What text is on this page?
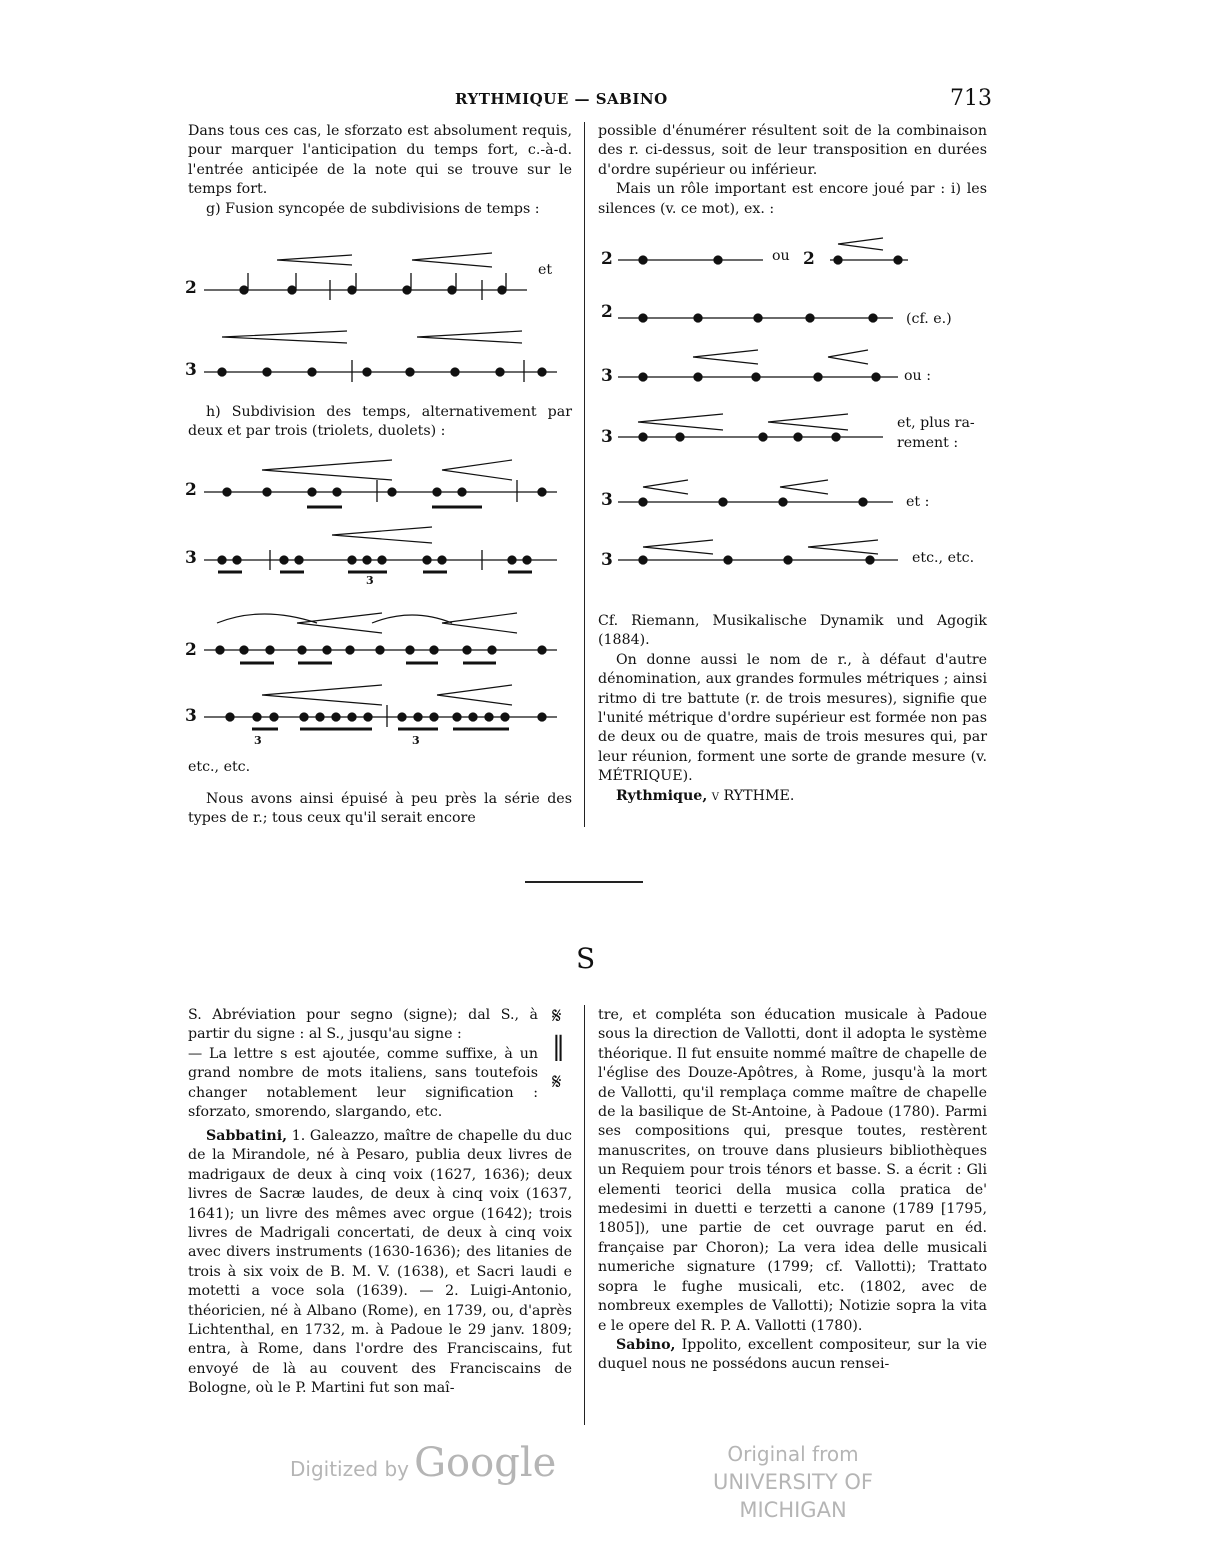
RYTHMIQUE — SABINO	713

Dans tous ces cas, le sforzato est absolument requis, pour marquer l'anticipation du temps fort, c.-à-d. l'entrée anticipée de la note qui se trouve sur le temps fort.

g) Fusion syncopée de subdivisions de temps :

h) Subdivision des temps, alternativement par deux et par trois (triolets, duolets) :

etc., etc.

Nous avons ainsi épuisé à peu près la série des types de r.; tous ceux qu'il serait encore

2
et
3
2
3
3
2
3
3	3

possible d'énumérer résultent soit de la combinaison des r. ci-dessus, soit de leur transposition en durées d'ordre supérieur ou inférieur.

Mais un rôle important est encore joué par : i) les silences (v. ce mot), ex. :

2	ou 2
2	(cf. e.)
3	ou :
3
et, plus ra-
rement :
3	et :
3	etc., etc.

Cf. Riemann, Musikalische Dynamik und Agogik (1884).

On donne aussi le nom de r., à défaut d'autre dénomination, aux grandes formules métriques ; ainsi ritmo di tre battute (r. de trois mesures), signifie que l'unité métrique d'ordre supérieur est formée non pas de deux ou de quatre, mais de trois mesures qui, par leur réunion, forment une sorte de grande mesure (v. MÉTRIQUE).

Rythmique, v RYTHME.

S

S. Abréviation pour segno (signe); dal S., à partir du signe : al S., jusqu'au signe :

— La lettre s est ajoutée, comme suffixe, à un grand nombre de mots italiens, sans toutefois changer notablement leur signification : sforzato, smorendo, slargando, etc.

𝄋
‖
𝄋

Sabbatini, 1. Galeazzo, maître de chapelle du duc de la Mirandole, né à Pesaro, publia deux livres de madrigaux de deux à cinq voix (1627, 1636); deux livres de Sacræ laudes, de deux à cinq voix (1637, 1641); un livre des mêmes avec orgue (1642); trois livres de Madrigali concertati, de deux à cinq voix avec divers instruments (1630-1636); des litanies de trois à six voix de B. M. V. (1638), et Sacri laudi e motetti a voce sola (1639). — 2. Luigi-Antonio, théoricien, né à Albano (Rome), en 1739, ou, d'après Lichtenthal, en 1732, m. à Padoue le 29 janv. 1809; entra, à Rome, dans l'ordre des Franciscains, fut envoyé de là au couvent des Franciscains de Bologne, où le P. Martini fut son maî-

tre, et compléta son éducation musicale à Padoue sous la direction de Vallotti, dont il adopta le système théorique. Il fut ensuite nommé maître de chapelle de l'église des Douze-Apôtres, à Rome, jusqu'à la mort de Vallotti, qu'il remplaça comme maître de chapelle de la basilique de St-Antoine, à Padoue (1780). Parmi ses compositions qui, presque toutes, restèrent manuscrites, on trouve dans plusieurs bibliothèques un Requiem pour trois ténors et basse. S. a écrit : Gli elementi teorici della musica colla pratica de' medesimi in duetti e terzetti a canone (1789 [1795, 1805]), une partie de cet ouvrage parut en éd. française par Choron); La vera idea delle musicali numeriche signature (1799; cf. Vallotti); Trattato sopra le fughe musicali, etc. (1802, avec de nombreux exemples de Vallotti); Notizie sopra la vita e le opere del R. P. A. Vallotti (1780).

Sabino, Ippolito, excellent compositeur, sur la vie duquel nous ne possédons aucun rensei-

Digitized by Google	Original from
UNIVERSITY OF MICHIGAN
